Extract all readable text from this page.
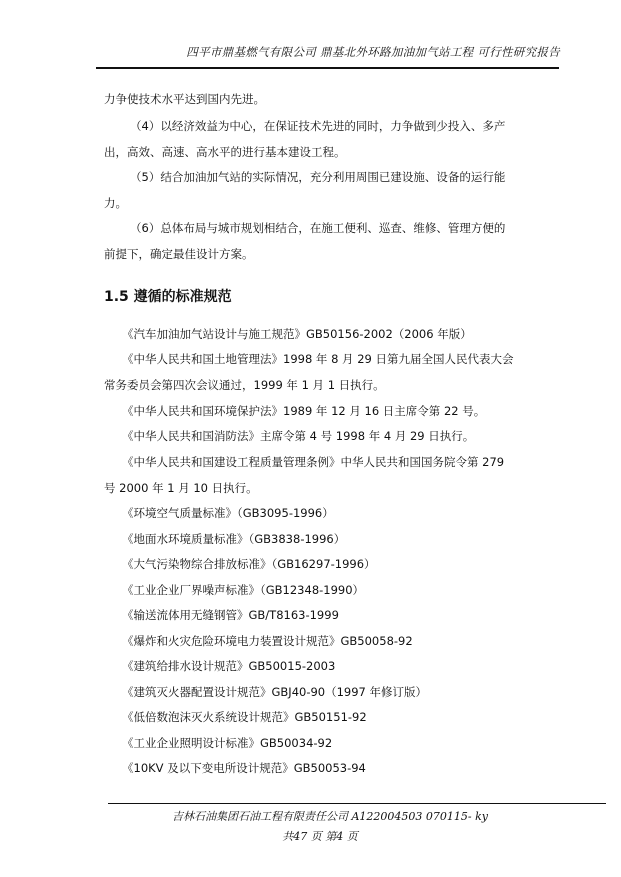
四平市鼎基燃气有限公司 鼎基北外环路加油加气站工程 可行性研究报告
力争使技术水平达到国内先进。
（4）以经济效益为中心，在保证技术先进的同时，力争做到少投入、多产
出，高效、高速、高水平的进行基本建设工程。
（5）结合加油加气站的实际情况，充分利用周围已建设施、设备的运行能
力。
（6）总体布局与城市规划相结合，在施工便利、巡查、维修、管理方便的
前提下，确定最佳设计方案。
1.5 遵循的标准规范
《汽车加油加气站设计与施工规范》GB50156-2002（2006 年版）
《中华人民共和国土地管理法》1998 年 8 月 29 日第九届全国人民代表大会
常务委员会第四次会议通过，1999 年 1 月 1 日执行。
《中华人民共和国环境保护法》1989 年 12 月 16 日主席令第 22 号。
《中华人民共和国消防法》主席令第 4 号 1998 年 4 月 29 日执行。
《中华人民共和国建设工程质量管理条例》中华人民共和国国务院令第 279
号 2000 年 1 月 10 日执行。
《环境空气质量标准》（GB3095-1996）
《地面水环境质量标准》（GB3838-1996）
《大气污染物综合排放标准》（GB16297-1996）
《工业企业厂界噪声标准》（GB12348-1990）
《输送流体用无缝钢管》GB/T8163-1999
《爆炸和火灾危险环境电力装置设计规范》GB50058-92
《建筑给排水设计规范》GB50015-2003
《建筑灭火器配置设计规范》GBJ40-90（1997 年修订版）
《低倍数泡沫灭火系统设计规范》GB50151-92
《工业企业照明设计标准》GB50034-92
《10KV 及以下变电所设计规范》GB50053-94
吉林石油集团石油工程有限责任公司 A122004503 070115- ky
共47 页 第4 页
